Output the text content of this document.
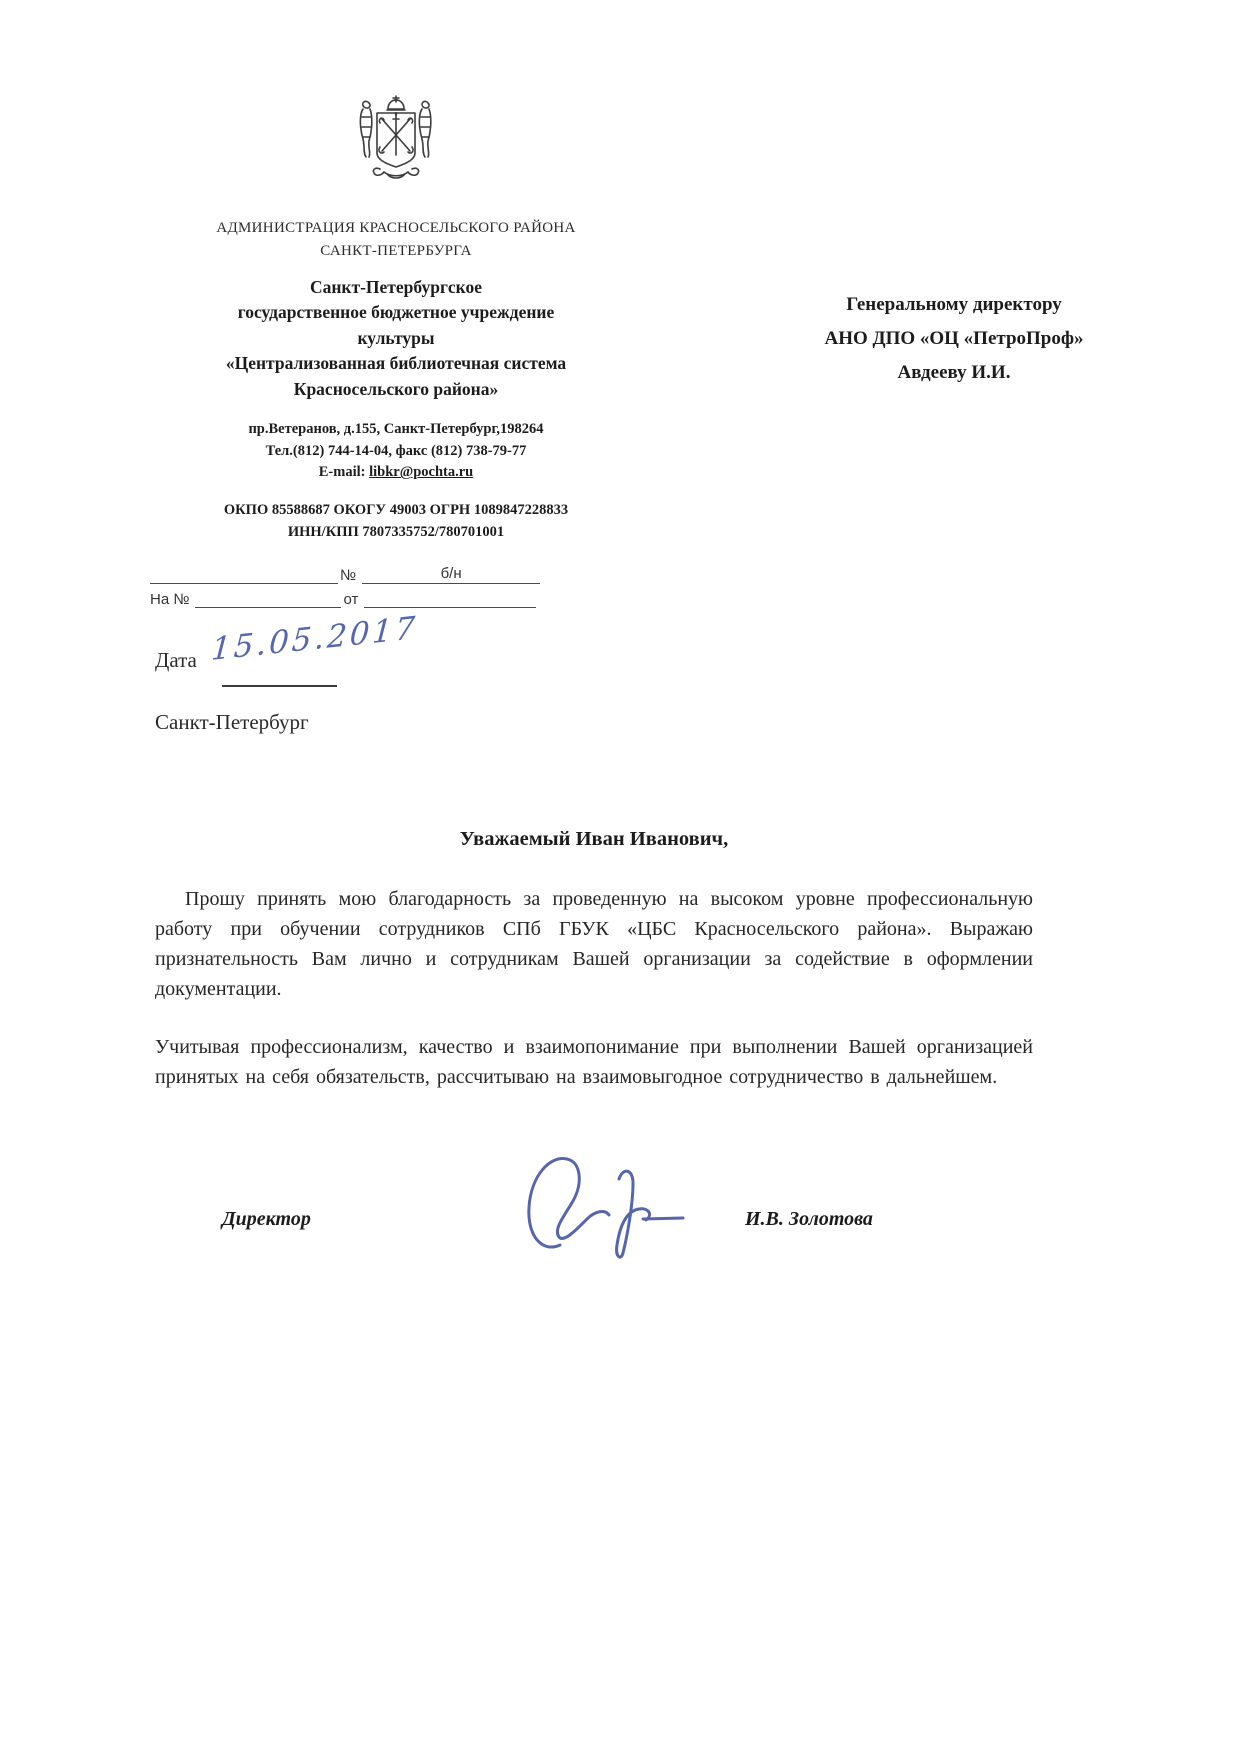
АДМИНИСТРАЦИЯ КРАСНОСЕЛЬСКОГО РАЙОНА
САНКТ-ПЕТЕРБУРГА
Санкт-Петербургское
государственное бюджетное учреждение
культуры
«Централизованная библиотечная система
Красносельского района»
пр.Ветеранов, д.155, Санкт-Петербург,198264
Тел.(812) 744-14-04, факс (812) 738-79-77
E-mail: libkr@pochta.ru
ОКПО 85588687 ОКОГУ 49003 ОГРН 1089847228833
ИНН/КПП 7807335752/780701001
№	б/н
На №	от
Генеральному директору
АНО ДПО «ОЦ «ПетроПроф»
Авдееву И.И.
Дата 15.05.2017
Санкт-Петербург
Уважаемый Иван Иванович,

Прошу принять мою благодарность за проведенную на высоком уровне профессиональную работу при обучении сотрудников СПб ГБУК «ЦБС Красносельского района». Выражаю признательность Вам лично и сотрудникам Вашей организации за содействие в оформлении документации.

Учитывая профессионализм, качество и взаимопонимание при выполнении Вашей организацией принятых на себя обязательств, рассчитываю на взаимовыгодное сотрудничество в дальнейшем.

Директор	И.В. Золотова
